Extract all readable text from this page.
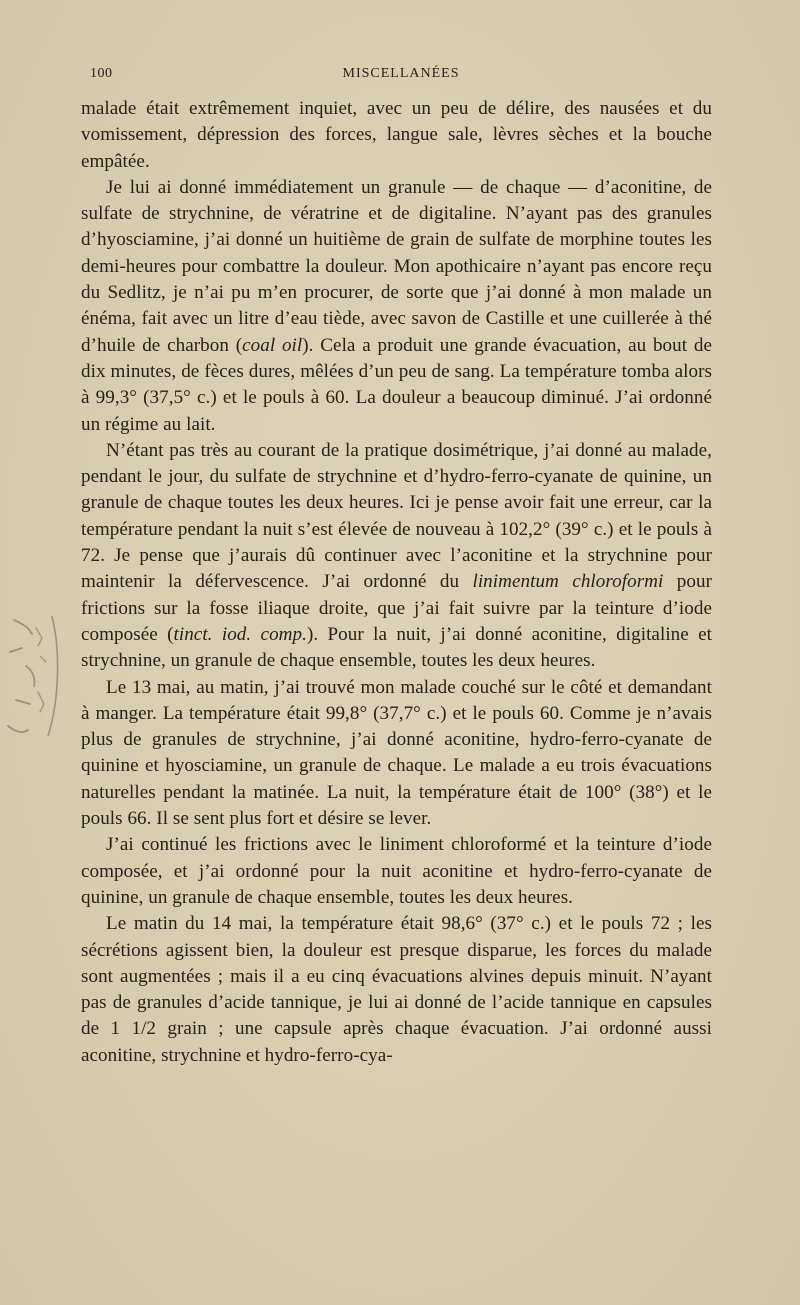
100	MISCELLANÉES

malade était extrêmement inquiet, avec un peu de délire, des nausées et du vomissement, dépression des forces, langue sale, lèvres sèches et la bouche empâtée.

Je lui ai donné immédiatement un granule — de chaque — d’aconitine, de sulfate de strychnine, de vératrine et de digitaline. N’ayant pas des granules d’hyosciamine, j’ai donné un huitième de grain de sulfate de morphine toutes les demi-heures pour combattre la douleur. Mon apothicaire n’ayant pas encore reçu du Sedlitz, je n’ai pu m’en procurer, de sorte que j’ai donné à mon malade un énéma, fait avec un litre d’eau tiède, avec savon de Castille et une cuillerée à thé d’huile de charbon (coal oil). Cela a produit une grande évacuation, au bout de dix minutes, de fèces dures, mêlées d’un peu de sang. La température tomba alors à 99,3° (37,5° c.) et le pouls à 60. La douleur a beaucoup diminué. J’ai ordonné un régime au lait.

N’étant pas très au courant de la pratique dosimétrique, j’ai donné au malade, pendant le jour, du sulfate de strychnine et d’hydro-ferro-cyanate de quinine, un granule de chaque toutes les deux heures. Ici je pense avoir fait une erreur, car la température pendant la nuit s’est élevée de nouveau à 102,2° (39° c.) et le pouls à 72. Je pense que j’aurais dû continuer avec l’aconitine et la strychnine pour maintenir la défervescence. J’ai ordonné du linimentum chloroformi pour frictions sur la fosse iliaque droite, que j’ai fait suivre par la teinture d’iode composée (tinct. iod. comp.). Pour la nuit, j’ai donné aconitine, digitaline et strychnine, un granule de chaque ensemble, toutes les deux heures.

Le 13 mai, au matin, j’ai trouvé mon malade couché sur le côté et demandant à manger. La température était 99,8° (37,7° c.) et le pouls 60. Comme je n’avais plus de granules de strychnine, j’ai donné aconitine, hydro-ferro-cyanate de quinine et hyosciamine, un granule de chaque. Le malade a eu trois évacuations naturelles pendant la matinée. La nuit, la température était de 100° (38°) et le pouls 66. Il se sent plus fort et désire se lever.

J’ai continué les frictions avec le liniment chloroformé et la teinture d’iode composée, et j’ai ordonné pour la nuit aconitine et hydro-ferro-cyanate de quinine, un granule de chaque ensemble, toutes les deux heures.

Le matin du 14 mai, la température était 98,6° (37° c.) et le pouls 72 ; les sécrétions agissent bien, la douleur est presque disparue, les forces du malade sont augmentées ; mais il a eu cinq évacuations alvines depuis minuit. N’ayant pas de granules d’acide tannique, je lui ai donné de l’acide tannique en capsules de 1 1/2 grain ; une capsule après chaque évacuation. J’ai ordonné aussi aconitine, strychnine et hydro-ferro-cya-
